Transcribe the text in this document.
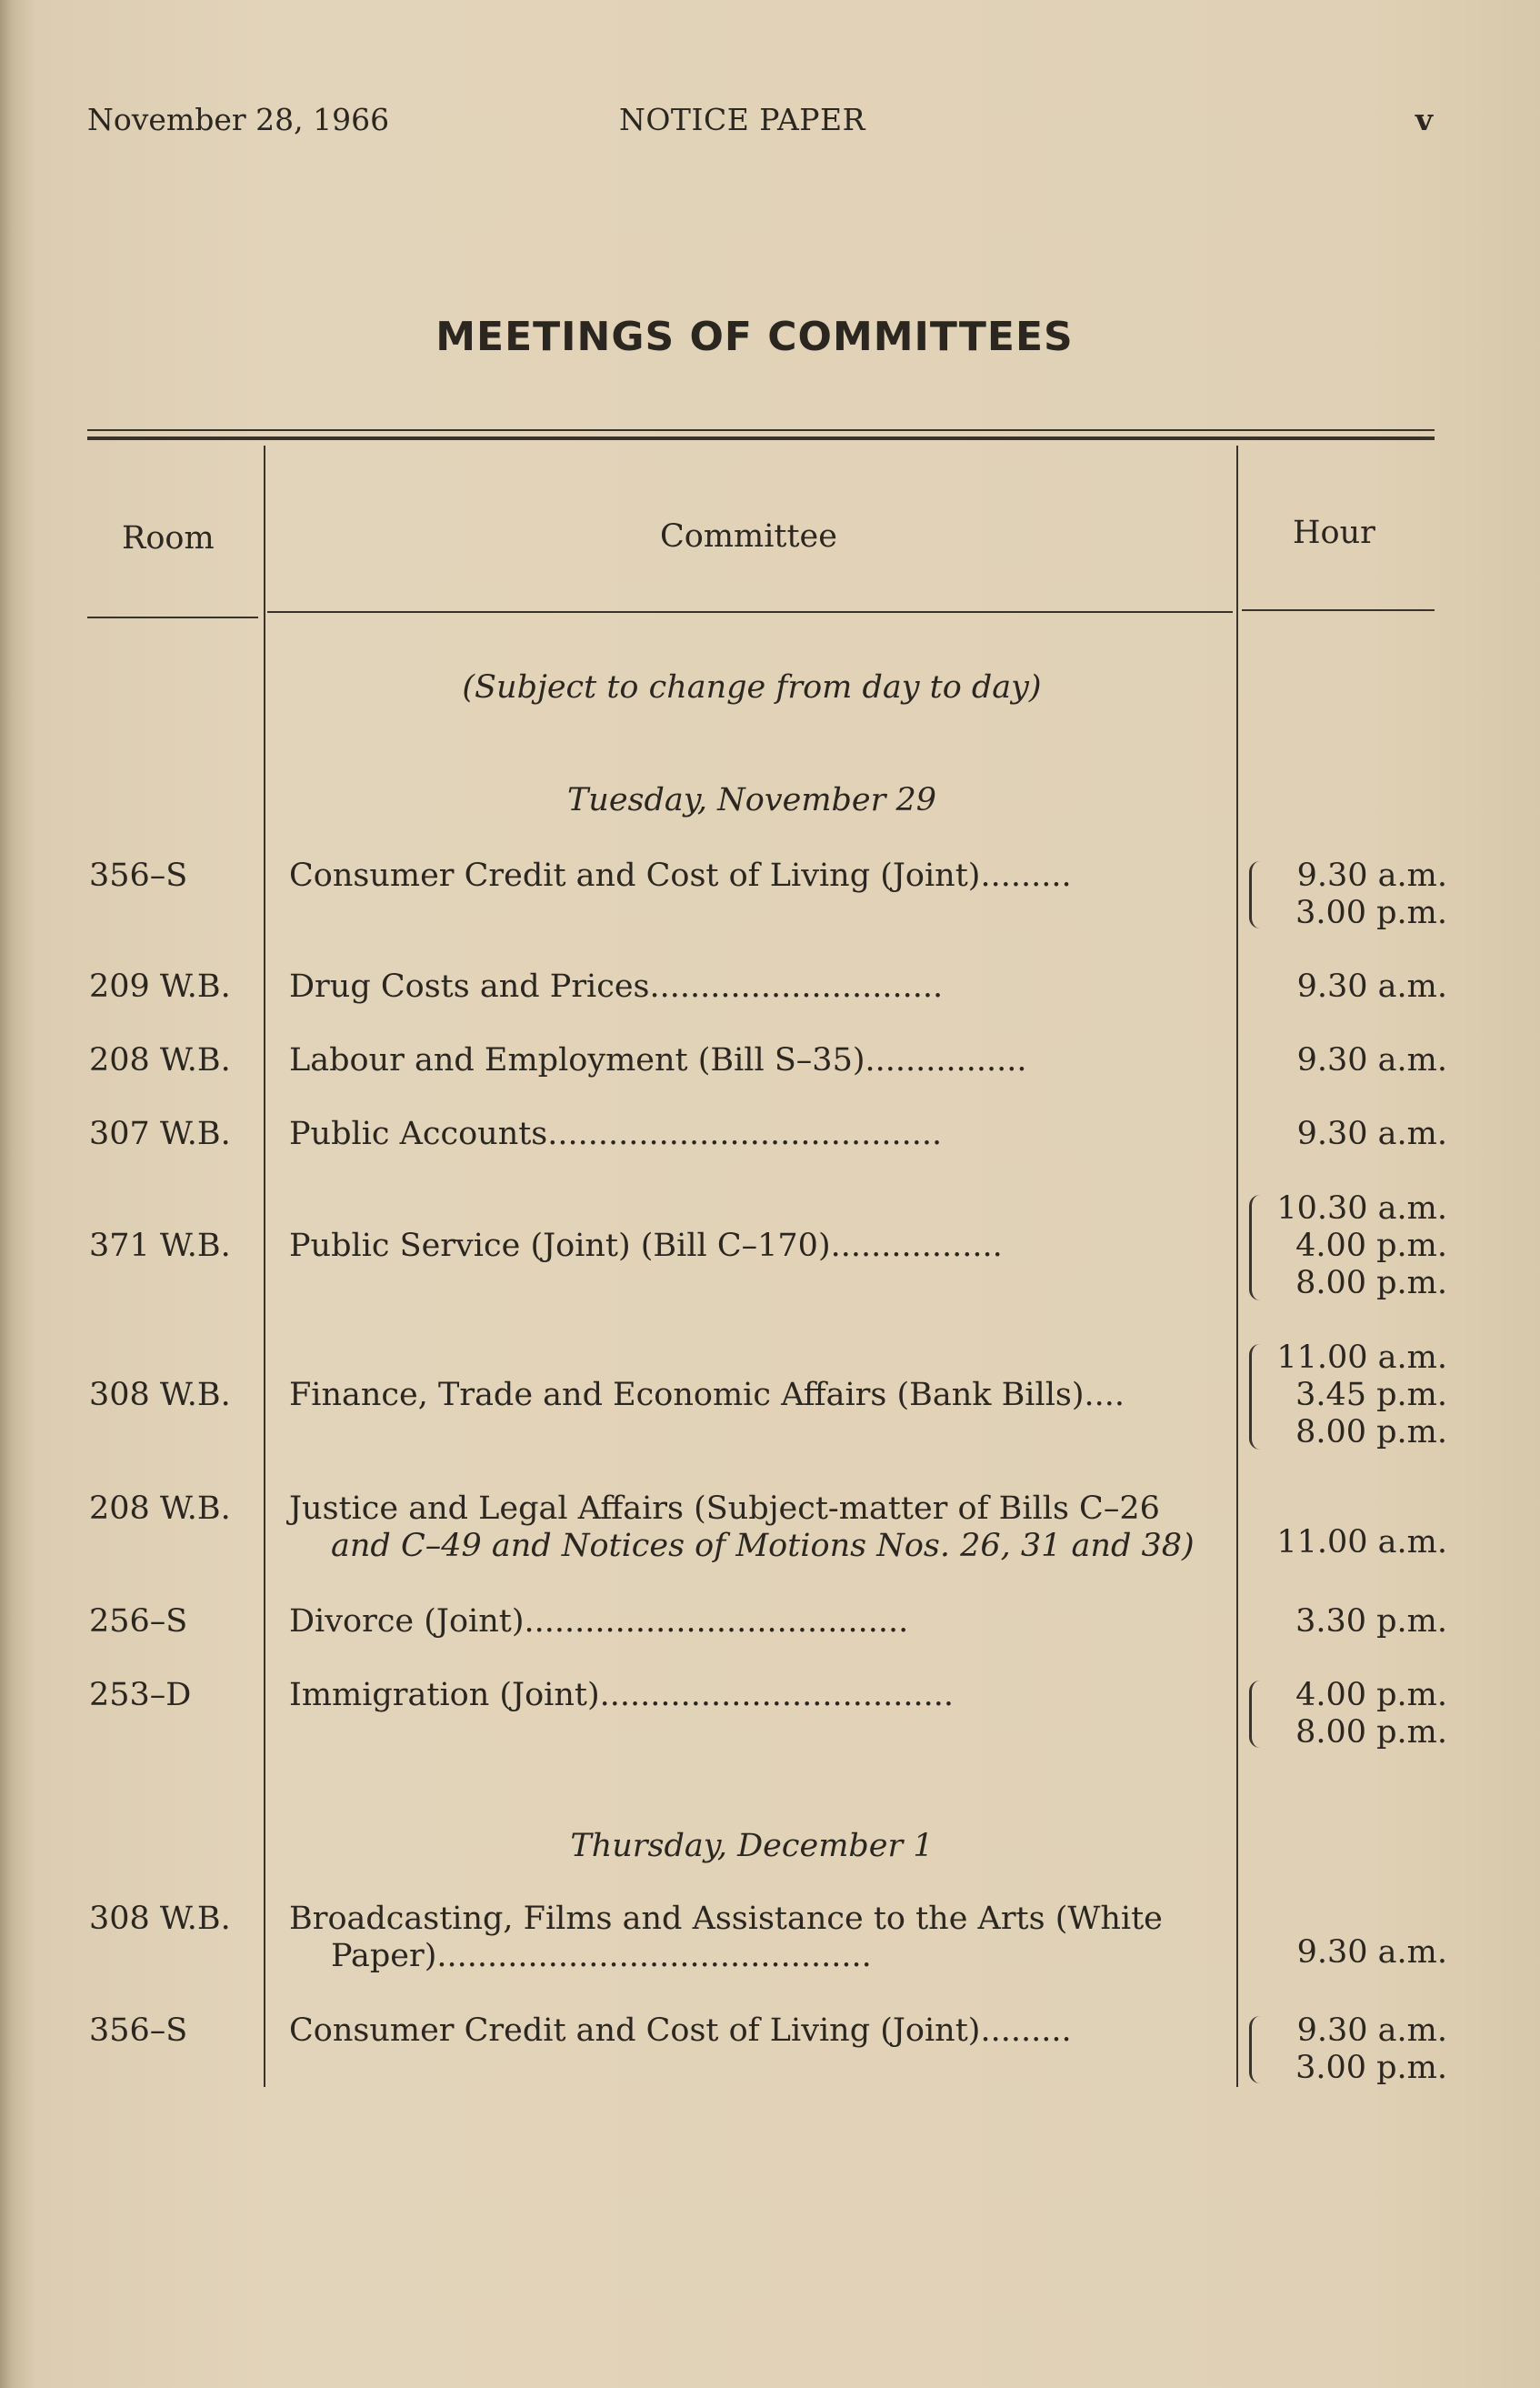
November 28, 1966	NOTICE PAPER	v
MEETINGS OF COMMITTEES
Room	Committee	Hour
(Subject to change from day to day)
Tuesday, November 29
356–S	Consumer Credit and Cost of Living (Joint).........	9.30 a.m.
3.00 p.m.
209 W.B. Drug Costs and Prices.............................	9.30 a.m.
208 W.B. Labour and Employment (Bill S–35)................	9.30 a.m.
307 W.B. Public Accounts.......................................	9.30 a.m.
371 W.B. Public Service (Joint) (Bill C–170).................
10.30 a.m.
4.00 p.m.
8.00 p.m.
308 W.B. Finance, Trade and Economic Affairs (Bank Bills)....
11.00 a.m.
3.45 p.m.
8.00 p.m.
208 W.B. Justice and Legal Affairs (Subject-matter of Bills C–26
and C–49 and Notices of Motions Nos. 26, 31 and 38)	11.00 a.m.
256–S	Divorce (Joint)......................................	3.30 p.m.
253–D	Immigration (Joint)...................................	4.00 p.m.
8.00 p.m.
Thursday, December 1
308 W.B. Broadcasting, Films and Assistance to the Arts (White
Paper)...........................................	9.30 a.m.
356–S	Consumer Credit and Cost of Living (Joint).........	9.30 a.m.
3.00 p.m.
